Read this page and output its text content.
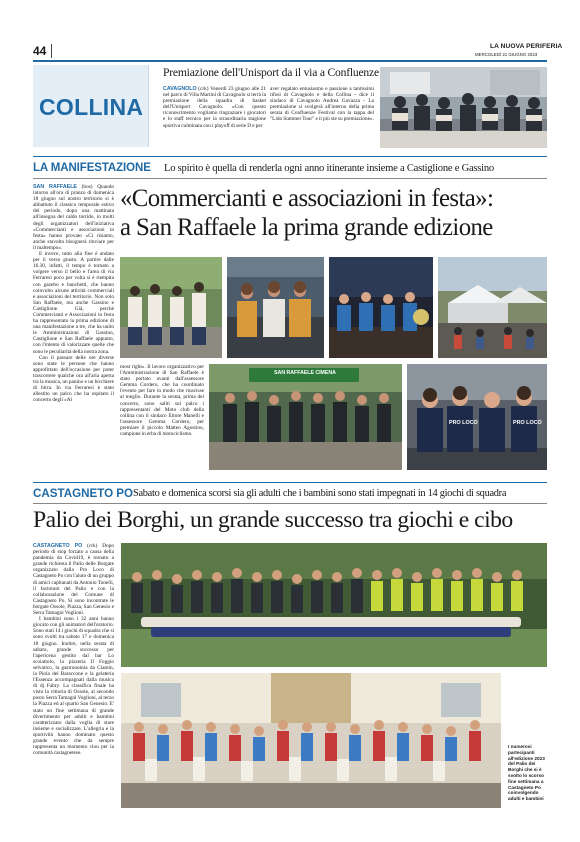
44	LA NUOVA PERIFERIA
MERCOLEDÌ 21 GIUGNO 2023
COLLINA
Premiazione dell'Unisport da il via a Confluenze
CAVAGNOLO (crk) Venerdì 23 giugno alle 21 nel parco di Villa Martini di Cavagnolo si terrà la premiazione della squadra di basket dell'Unisport Cavagnolo. «Con questo riconoscimento vogliamo ringraziare i giocatori e lo staff tecnico per la straordinaria stagione sportiva culminata con i playoff di serie D e per
aver regalato entusiasmo e passione a tantissimi tifosi di Cavagnolo e della Collina - dice il sindaco di Cavagnolo Andrea Gavazza - La premiazione si svolgerà all'interno della prima serata di Confluenze Festival con la tappa del "Lido Summer Tour" e il più sie su premiazione».
LA MANIFESTAZIONE Lo spirito è quella di renderla ogni anno itinerante insieme a Castiglione e Gassino
«Commercianti e associazioni in festa»:
a San Raffaele la prima grande edizione
SAN RAFFAELE (bos) Quando intorno all'ora di pranzo di domenica 18 giugno sul nostro territorio si è abbattuto il classico temporale estivo del periodo, dopo una mattinata all'insegna del caldo torrido, in molti degli organizzatori dell'iniziativa «Commercianti e associazioni in festa» hanno provato «Ci risiamo, anche stavolta bisognerà rinviare per il maltempo».
E invece, tutto alla fine è andato per il verso giusto. A partire dalle 16.30, infatti, il tempo è tornato a volgere verso il bello e l'area di via Ferraresi poco per volta si è riempita con gazebo e banchetti, che hanno coinvolto alcune attività commerciali e associazioni del territorio. Non solo San Raffaele, ma anche Gassino e Castiglione. Già, perché Commercianti e Associazioni in festa ha rappresentato la prima edizione di una manifestazione a tre, che ha unito le Amministrazioni di Gassino, Castiglione e San Raffaele appunto, con l'intento di valorizzare quelle che sono le peculiarità della nostra zona.
Con il passare delle ore diverse sono state le persone che hanno approfittato dell'occasione per poter trascorrere qualche ora all'aria aperta tra la musica, un panino e un bicchiere di birra. In via Ferraresi è stato allestito un palco che ha ospitato il concerto degli «Al
most right». Il lavoro organizzativo per l'Amministrazione di San Raffaele è stato portato avanti dall'assessore Gemma Cordero, che ha coordinato l'evento per fare in modo che riuscisse al meglio. Durante la serata, prima del concerto, sono saliti sul palco i rappresentanti del Moto club della collina con il sindaco Ettore Manelli e l'assessore Gemma Cordero, per premiare il piccolo Matteo Agostino, campione in erba di motociclismo.
SAN RAFFAELE CIMENA
PRO LOCO	PRO LOCO
CASTAGNETO PO Sabato e domenica scorsi sia gli adulti che i bambini sono stati impegnati in 14 giochi di squadra
Palio dei Borghi, un grande successo tra giochi e cibo
CASTAGNETO PO (crk) Dopo periodo di stop forzato a causa della pandemia da Covid19, è tornato a grande richiesta il Palio delle Borgate organizzato dalla Pro Loco di Castagneto Po con l'aiuto di un gruppo di amici capitanati da Antonio Tonelli, il factotum del Palio e con la collaborazione del Comune di Castagneto Po. Si sono incontrate le borgate Ossole, Piazza, San Genesio e Serra Tamagni Voglioni.
I bambini sono i 32 anni hanno giocato con gli animatori dell'oratorio. Sono stati 14 i giochi di squadra che si sono svolti tra sabato 17 e domenica 18 giugno. Inoltre, nella serata di sabato, grande successo per l'apericena gestito dal bar Lo scoiattolo, la pizzeria Il Foggio selvatico, la gastronomia da Ciamin, la Piola del Baraccone e la gelateria l'Essenza accompagnati dalla musica di dj Fabry. La classifica finale ha visto la vittoria di Ossole, al secondo posto Serra Tamagni Voglioni, al terzo la Piazza ed al quarto San Genesio. E' stato un fine settimana di grande divertimento per adulti e bambini caratterizzato dalla voglia di stare insieme e socializzare. L'allegria e la sportività hanno dominato questo grande evento che da sempre rappresenta un momento clou per la comunità castagnetese.
I numerosi partecipanti all'edizione 2023 del Palio dei Borghi che si è svolto lo scorso fine settimana a Castagneto Po coinvolgendo adulti e bambini
